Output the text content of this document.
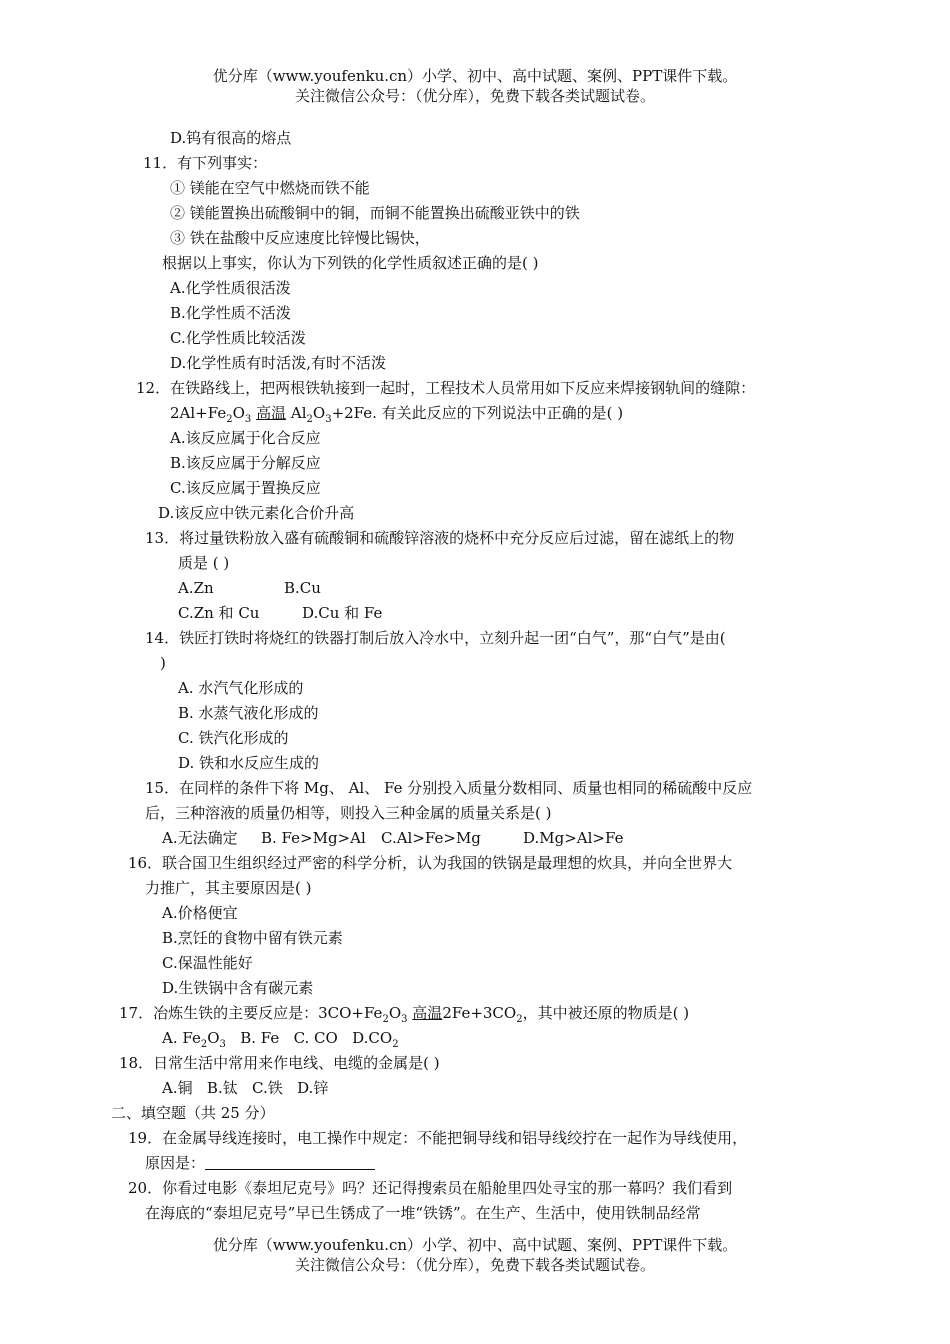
优分库（www.youfenku.cn）小学、初中、高中试题、案例、PPT课件下载。
关注微信公众号：（优分库），免费下载各类试题试卷。
D.钨有很高的熔点
11．有下列事实：
① 镁能在空气中燃烧而铁不能
② 镁能置换出硫酸铜中的铜，而铜不能置换出硫酸亚铁中的铁
③ 铁在盐酸中反应速度比锌慢比锡快，
根据以上事实，你认为下列铁的化学性质叙述正确的是( )
A.化学性质很活泼
B.化学性质不活泼
C.化学性质比较活泼
D.化学性质有时活泼,有时不活泼
12．在铁路线上，把两根铁轨接到一起时，工程技术人员常用如下反应来焊接钢轨间的缝隙：
$2Al+Fe_2O_3$ 高温 $Al_2O_3+2Fe$. 有关此反应的下列说法中正确的是( )
A.该反应属于化合反应
B.该反应属于分解反应
C.该反应属于置换反应
D.该反应中铁元素化合价升高
13．将过量铁粉放入盛有硫酸铜和硫酸锌溶液的烧杯中充分反应后过滤，留在滤纸上的物
质是 ( )
A.Zn	B.Cu
C.Zn 和 Cu	D.Cu 和 Fe
14．铁匠打铁时将烧红的铁器打制后放入冷水中，立刻升起一团“白气”，那“白气”是由(
)
A. 水汽气化形成的
B. 水蒸气液化形成的
C. 铁汽化形成的
D. 铁和水反应生成的
15．在同样的条件下将 Mg、 Al、 Fe 分别投入质量分数相同、质量也相同的稀硫酸中反应
后，三种溶液的质量仍相等，则投入三种金属的质量关系是( )
A.无法确定 B. Fe>Mg>Al C.Al>Fe>Mg	D.Mg>Al>Fe
16．联合国卫生组织经过严密的科学分析，认为我国的铁锅是最理想的炊具，并向全世界大
力推广，其主要原因是( )
A.价格便宜
B.烹饪的食物中留有铁元素
C.保温性能好
D.生铁锅中含有碳元素
17．冶炼生铁的主要反应是：$3CO+Fe_2O_3$ 高温$2Fe+3CO_2$，其中被还原的物质是( )
A. $Fe_2O_3$ B. Fe C. CO $D.CO_2$
18．日常生活中常用来作电线、电缆的金属是( )
A.铜 B.钛 C.铁 D.锌
二、填空题（共 25 分）
19．在金属导线连接时，电工操作中规定：不能把铜导线和铝导线绞拧在一起作为导线使用，
原因是：
20．你看过电影《泰坦尼克号》吗？还记得搜索员在船舱里四处寻宝的那一幕吗？我们看到
在海底的“泰坦尼克号”早已生锈成了一堆“铁锈”。在生产、生活中，使用铁制品经常
优分库（www.youfenku.cn）小学、初中、高中试题、案例、PPT课件下载。
关注微信公众号：（优分库），免费下载各类试题试卷。
